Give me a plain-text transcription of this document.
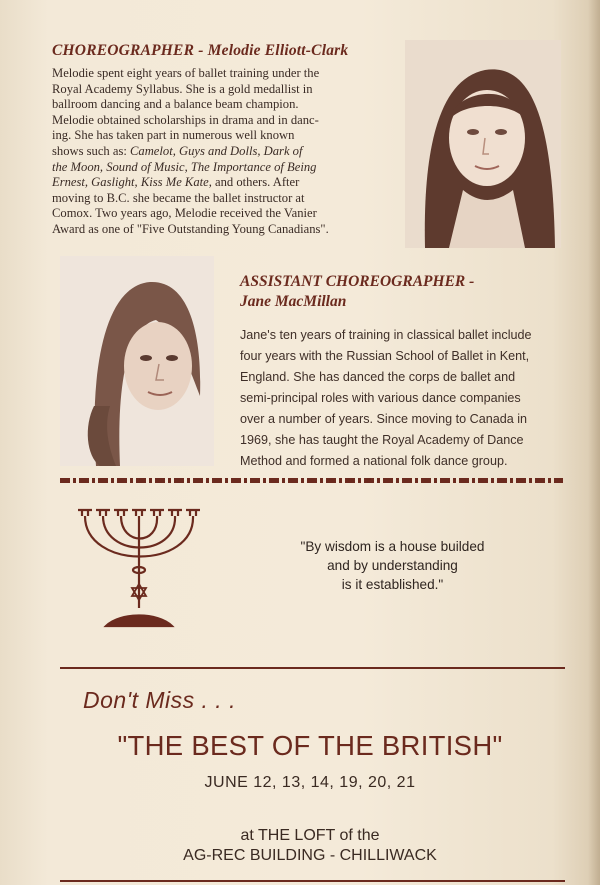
CHOREOGRAPHER - Melodie Elliott-Clark
Melodie spent eight years of ballet training under the
Royal Academy Syllabus. She is a gold medallist in
ballroom dancing and a balance beam champion.
Melodie obtained scholarships in drama and in danc-
ing. She has taken part in numerous well known
shows such as: Camelot, Guys and Dolls, Dark of
the Moon, Sound of Music, The Importance of Being
Ernest, Gaslight, Kiss Me Kate, and others. After
moving to B.C. she became the ballet instructor at
Comox. Two years ago, Melodie received the Vanier
Award as one of "Five Outstanding Young Canadians".
ASSISTANT CHOREOGRAPHER -
Jane MacMillan
Jane's ten years of training in classical ballet include
four years with the Russian School of Ballet in Kent,
England. She has danced the corps de ballet and
semi-principal roles with various dance companies
over a number of years. Since moving to Canada in
1969, she has taught the Royal Academy of Dance
Method and formed a national folk dance group.
"By wisdom is a house builded
and by understanding
is it established."
Don't Miss . . .
"THE BEST OF THE BRITISH"
JUNE 12, 13, 14, 19, 20, 21
at THE LOFT of the
AG-REC BUILDING - CHILLIWACK
